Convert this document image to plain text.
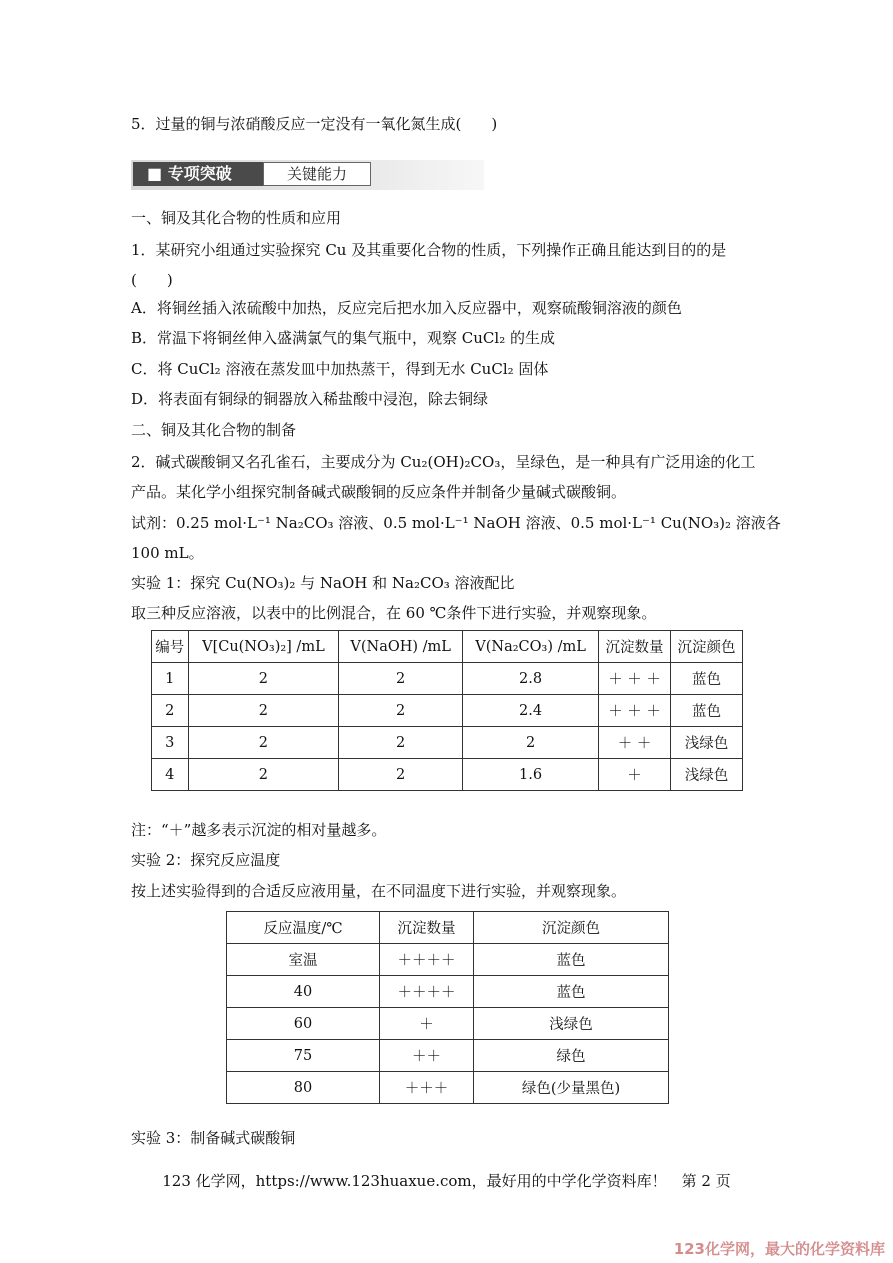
5．过量的铜与浓硝酸反应一定没有一氧化氮生成(　　)
■ 专项突破	关键能力
一、铜及其化合物的性质和应用
1．某研究小组通过实验探究 Cu 及其重要化合物的性质，下列操作正确且能达到目的的是
(　　)
A．将铜丝插入浓硫酸中加热，反应完后把水加入反应器中，观察硫酸铜溶液的颜色
B．常温下将铜丝伸入盛满氯气的集气瓶中，观察 CuCl₂ 的生成
C．将 CuCl₂ 溶液在蒸发皿中加热蒸干，得到无水 CuCl₂ 固体
D．将表面有铜绿的铜器放入稀盐酸中浸泡，除去铜绿
二、铜及其化合物的制备
2．碱式碳酸铜又名孔雀石，主要成分为 Cu₂(OH)₂CO₃，呈绿色，是一种具有广泛用途的化工
产品。某化学小组探究制备碱式碳酸铜的反应条件并制备少量碱式碳酸铜。
试剂：0.25 mol·L⁻¹ Na₂CO₃ 溶液、0.5 mol·L⁻¹ NaOH 溶液、0.5 mol·L⁻¹ Cu(NO₃)₂ 溶液各
100 mL。
实验 1：探究 Cu(NO₃)₂ 与 NaOH 和 Na₂CO₃ 溶液配比
取三种反应溶液，以表中的比例混合，在 60 ℃条件下进行实验，并观察现象。
编号	V[Cu(NO₃)₂] /mL	V(NaOH) /mL	V(Na₂CO₃) /mL	沉淀数量	沉淀颜色
1	2	2	2.8	＋ ＋ ＋	蓝色
2	2	2	2.4	＋ ＋ ＋	蓝色
3	2	2	2	＋ ＋	浅绿色
4	2	2	1.6	＋	浅绿色
注：“＋”越多表示沉淀的相对量越多。
实验 2：探究反应温度
按上述实验得到的合适反应液用量，在不同温度下进行实验，并观察现象。
反应温度/℃	沉淀数量	沉淀颜色
室温	＋＋＋＋	蓝色
40	＋＋＋＋	蓝色
60	＋	浅绿色
75	＋＋	绿色
80	＋＋＋	绿色(少量黑色)
实验 3：制备碱式碳酸铜
123 化学网，https://www.123huaxue.com，最好用的中学化学资料库！　第 2 页
123化学网，最大的化学资料库
